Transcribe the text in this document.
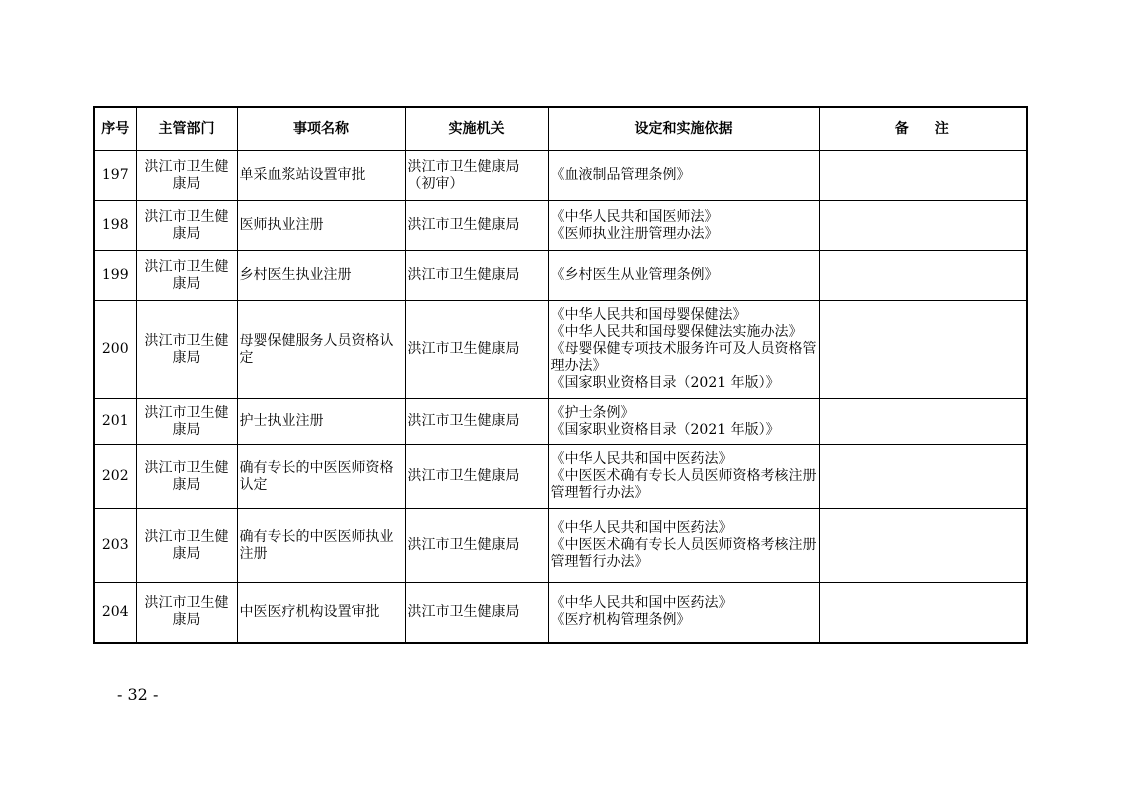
序号	主管部门	事项名称	实施机关	设定和实施依据	备注
197	洪江市卫生健康局	单采血浆站设置审批	洪江市卫生健康局（初审）	《血液制品管理条例》	

198	洪江市卫生健康局	医师执业注册	洪江市卫生健康局	《中华人民共和国医师法》
《医师执业注册管理办法》	

199	洪江市卫生健康局	乡村医生执业注册	洪江市卫生健康局	《乡村医生从业管理条例》	

200	洪江市卫生健康局	母婴保健服务人员资格认定	洪江市卫生健康局	《中华人民共和国母婴保健法》
《中华人民共和国母婴保健法实施办法》
《母婴保健专项技术服务许可及人员资格管理办法》
《国家职业资格目录（2021 年版）》	

201	洪江市卫生健康局	护士执业注册	洪江市卫生健康局	《护士条例》
《国家职业资格目录（2021 年版）》	

202	洪江市卫生健康局	确有专长的中医医师资格认定	洪江市卫生健康局	《中华人民共和国中医药法》
《中医医术确有专长人员医师资格考核注册管理暂行办法》	

203	洪江市卫生健康局	确有专长的中医医师执业注册	洪江市卫生健康局	《中华人民共和国中医药法》
《中医医术确有专长人员医师资格考核注册管理暂行办法》	

204	洪江市卫生健康局	中医医疗机构设置审批	洪江市卫生健康局	《中华人民共和国中医药法》
《医疗机构管理条例》	

- 32 -
